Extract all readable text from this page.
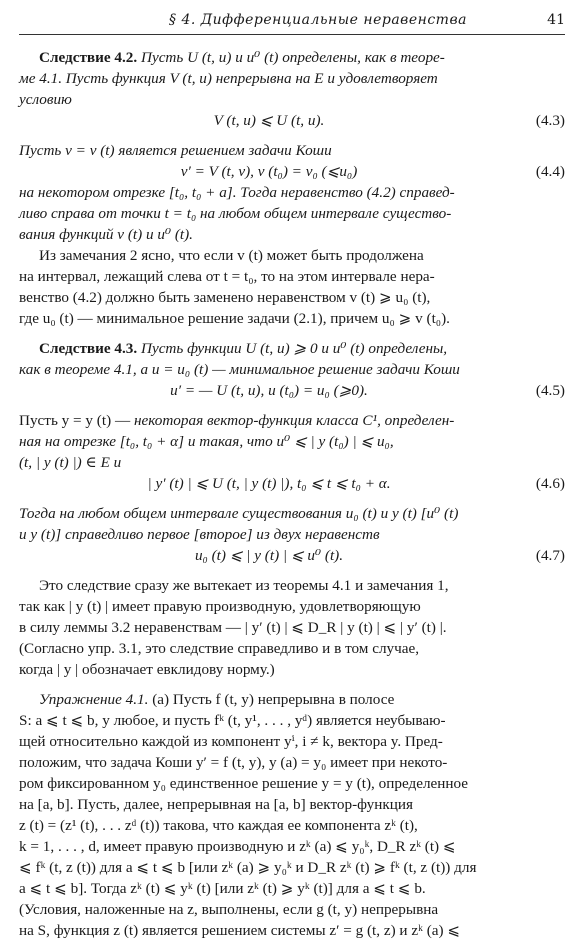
§ 4. Дифференциальные неравенства	41

Следствие 4.2. Пусть U (t, u) и u⁰ (t) определены, как в теоре-

ме 4.1. Пусть функция V (t, u) непрерывна на E и удовлетворяет

условию

V (t, u) ⩽ U (t, u).	(4.3)

Пусть v = v (t) является решением задачи Коши

v′ = V (t, v), v (t₀) = v₀ (⩽u₀)	(4.4)

на некотором отрезке [t₀, t₀ + a]. Тогда неравенство (4.2) справед-

ливо справа от точки t = t₀ на любом общем интервале существо-

вания функций v (t) и u⁰ (t).

Из замечания 2 ясно, что если v (t) может быть продолжена

на интервал, лежащий слева от t = t₀, то на этом интервале нера-

венство (4.2) должно быть заменено неравенством v (t) ⩾ u₀ (t),

где u₀ (t) — минимальное решение задачи (2.1), причем u₀ ⩾ v (t₀).

Следствие 4.3. Пусть функции U (t, u) ⩾ 0 и u⁰ (t) определены,

как в теореме 4.1, а u = u₀ (t) — минимальное решение задачи Коши

u′ = — U (t, u), u (t₀) = u₀ (⩾0).	(4.5)

Пусть y = y (t) — некоторая вектор-функция класса C¹, определен-

ная на отрезке [t₀, t₀ + α] и такая, что u⁰ ⩽ | y (t₀) | ⩽ u₀,

(t, | y (t) |) ∈ E и

| y′ (t) | ⩽ U (t, | y (t) |), t₀ ⩽ t ⩽ t₀ + α.	(4.6)

Тогда на любом общем интервале существования u₀ (t) и y (t) [u⁰ (t)

и y (t)] справедливо первое [второе] из двух неравенств

u₀ (t) ⩽ | y (t) | ⩽ u⁰ (t).	(4.7)

Это следствие сразу же вытекает из теоремы 4.1 и замечания 1,

так как | y (t) | имеет правую производную, удовлетворяющую

в силу леммы 3.2 неравенствам — | y′ (t) | ⩽ D_R | y (t) | ⩽ | y′ (t) |.

(Согласно упр. 3.1, это следствие справедливо и в том случае,

когда | y | обозначает евклидову норму.)

Упражнение 4.1. (a) Пусть f (t, y) непрерывна в полосе

S: a ⩽ t ⩽ b, y любое, и пусть fᵏ (t, y¹, . . . , yᵈ) является неубываю-

щей относительно каждой из компонент yⁱ, i ≠ k, вектора y. Пред-

положим, что задача Коши y′ = f (t, y), y (a) = y₀ имеет при некото-

ром фиксированном y₀ единственное решение y = y (t), определенное

на [a, b]. Пусть, далее, непрерывная на [a, b] вектор-функция

z (t) = (z¹ (t), . . . zᵈ (t)) такова, что каждая ее компонента zᵏ (t),

k = 1, . . . , d, имеет правую производную и zᵏ (a) ⩽ y₀ᵏ, D_R zᵏ (t) ⩽

⩽ fᵏ (t, z (t)) для a ⩽ t ⩽ b [или zᵏ (a) ⩾ y₀ᵏ и D_R zᵏ (t) ⩾ fᵏ (t, z (t)) для

a ⩽ t ⩽ b]. Тогда zᵏ (t) ⩽ yᵏ (t) [или zᵏ (t) ⩾ yᵏ (t)] для a ⩽ t ⩽ b.

(Условия, наложенные на z, выполнены, если g (t, y) непрерывна

на S, функция z (t) является решением системы z′ = g (t, z) и zᵏ (a) ⩽
